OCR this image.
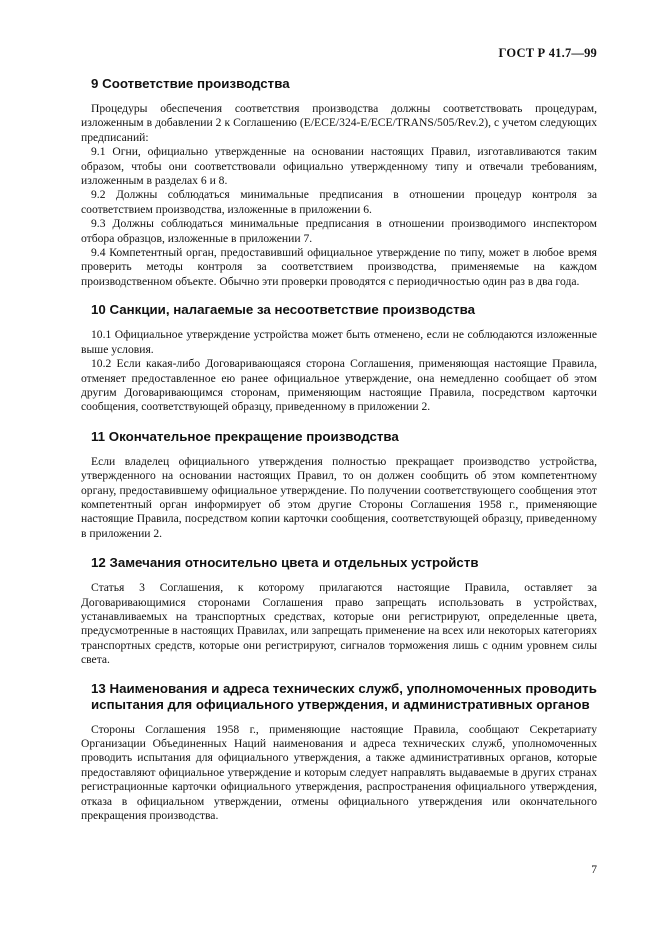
ГОСТ Р 41.7—99
9 Соответствие производства

Процедуры обеспечения соответствия производства должны соответствовать процедурам, изложенным в добавлении 2 к Соглашению (E/ECE/324-E/ECE/TRANS/505/Rev.2), с учетом следующих предписаний:

9.1 Огни, официально утвержденные на основании настоящих Правил, изготавливаются таким образом, чтобы они соответствовали официально утвержденному типу и отвечали требованиям, изложенным в разделах 6 и 8.

9.2 Должны соблюдаться минимальные предписания в отношении процедур контроля за соответствием производства, изложенные в приложении 6.

9.3 Должны соблюдаться минимальные предписания в отношении производимого инспектором отбора образцов, изложенные в приложении 7.

9.4 Компетентный орган, предоставивший официальное утверждение по типу, может в любое время проверить методы контроля за соответствием производства, применяемые на каждом производственном объекте. Обычно эти проверки проводятся с периодичностью один раз в два года.

10 Санкции, налагаемые за несоответствие производства

10.1 Официальное утверждение устройства может быть отменено, если не соблюдаются изложенные выше условия.

10.2 Если какая-либо Договаривающаяся сторона Соглашения, применяющая настоящие Правила, отменяет предоставленное ею ранее официальное утверждение, она немедленно сообщает об этом другим Договаривающимся сторонам, применяющим настоящие Правила, посредством карточки сообщения, соответствующей образцу, приведенному в приложении 2.

11 Окончательное прекращение производства

Если владелец официального утверждения полностью прекращает производство устройства, утвержденного на основании настоящих Правил, то он должен сообщить об этом компетентному органу, предоставившему официальное утверждение. По получении соответствующего сообщения этот компетентный орган информирует об этом другие Стороны Соглашения 1958 г., применяющие настоящие Правила, посредством копии карточки сообщения, соответствующей образцу, приведенному в приложении 2.

12 Замечания относительно цвета и отдельных устройств

Статья 3 Соглашения, к которому прилагаются настоящие Правила, оставляет за Договаривающимися сторонами Соглашения право запрещать использовать в устройствах, устанавливаемых на транспортных средствах, которые они регистрируют, определенные цвета, предусмотренные в настоящих Правилах, или запрещать применение на всех или некоторых категориях транспортных средств, которые они регистрируют, сигналов торможения лишь с одним уровнем силы света.

13 Наименования и адреса технических служб, уполномоченных проводить испытания для официального утверждения, и административных органов

Стороны Соглашения 1958 г., применяющие настоящие Правила, сообщают Секретариату Организации Объединенных Наций наименования и адреса технических служб, уполномоченных проводить испытания для официального утверждения, а также административных органов, которые предоставляют официальное утверждение и которым следует направлять выдаваемые в других странах регистрационные карточки официального утверждения, распространения официального утверждения, отказа в официальном утверждении, отмены официального утверждения или окончательного прекращения производства.

7
